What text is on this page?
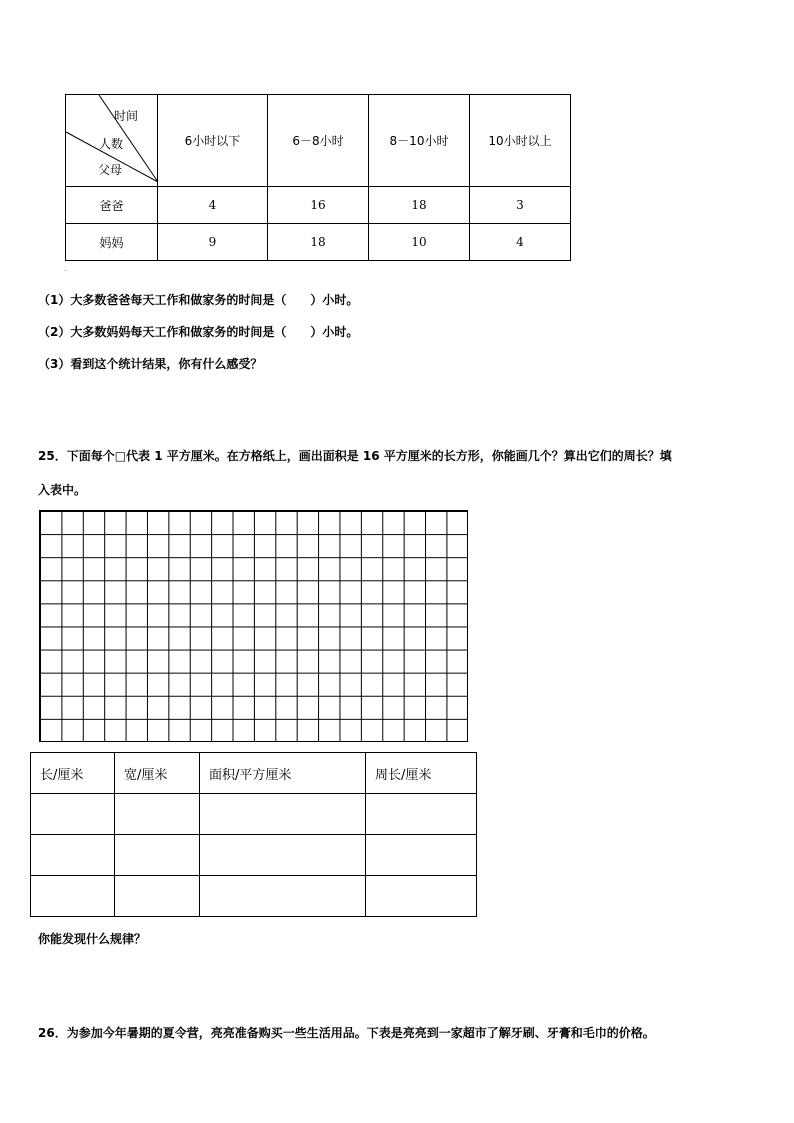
时间
人数
父母	6小时以下	6－8小时	8－10小时	10小时以上
爸爸	4	16	18	3
妈妈	9	18	10	4
..
（1）大多数爸爸每天工作和做家务的时间是（　　）小时。
（2）大多数妈妈每天工作和做家务的时间是（　　）小时。
（3）看到这个统计结果，你有什么感受？
25．下面每个□代表 1 平方厘米。在方格纸上，画出面积是 16 平方厘米的长方形，你能画几个？算出它们的周长？填
入表中。
长/厘米	宽/厘米	面积/平方厘米	周长/厘米

你能发现什么规律？
26．为参加今年暑期的夏令营，亮亮准备购买一些生活用品。下表是亮亮到一家超市了解牙刷、牙膏和毛巾的价格。
